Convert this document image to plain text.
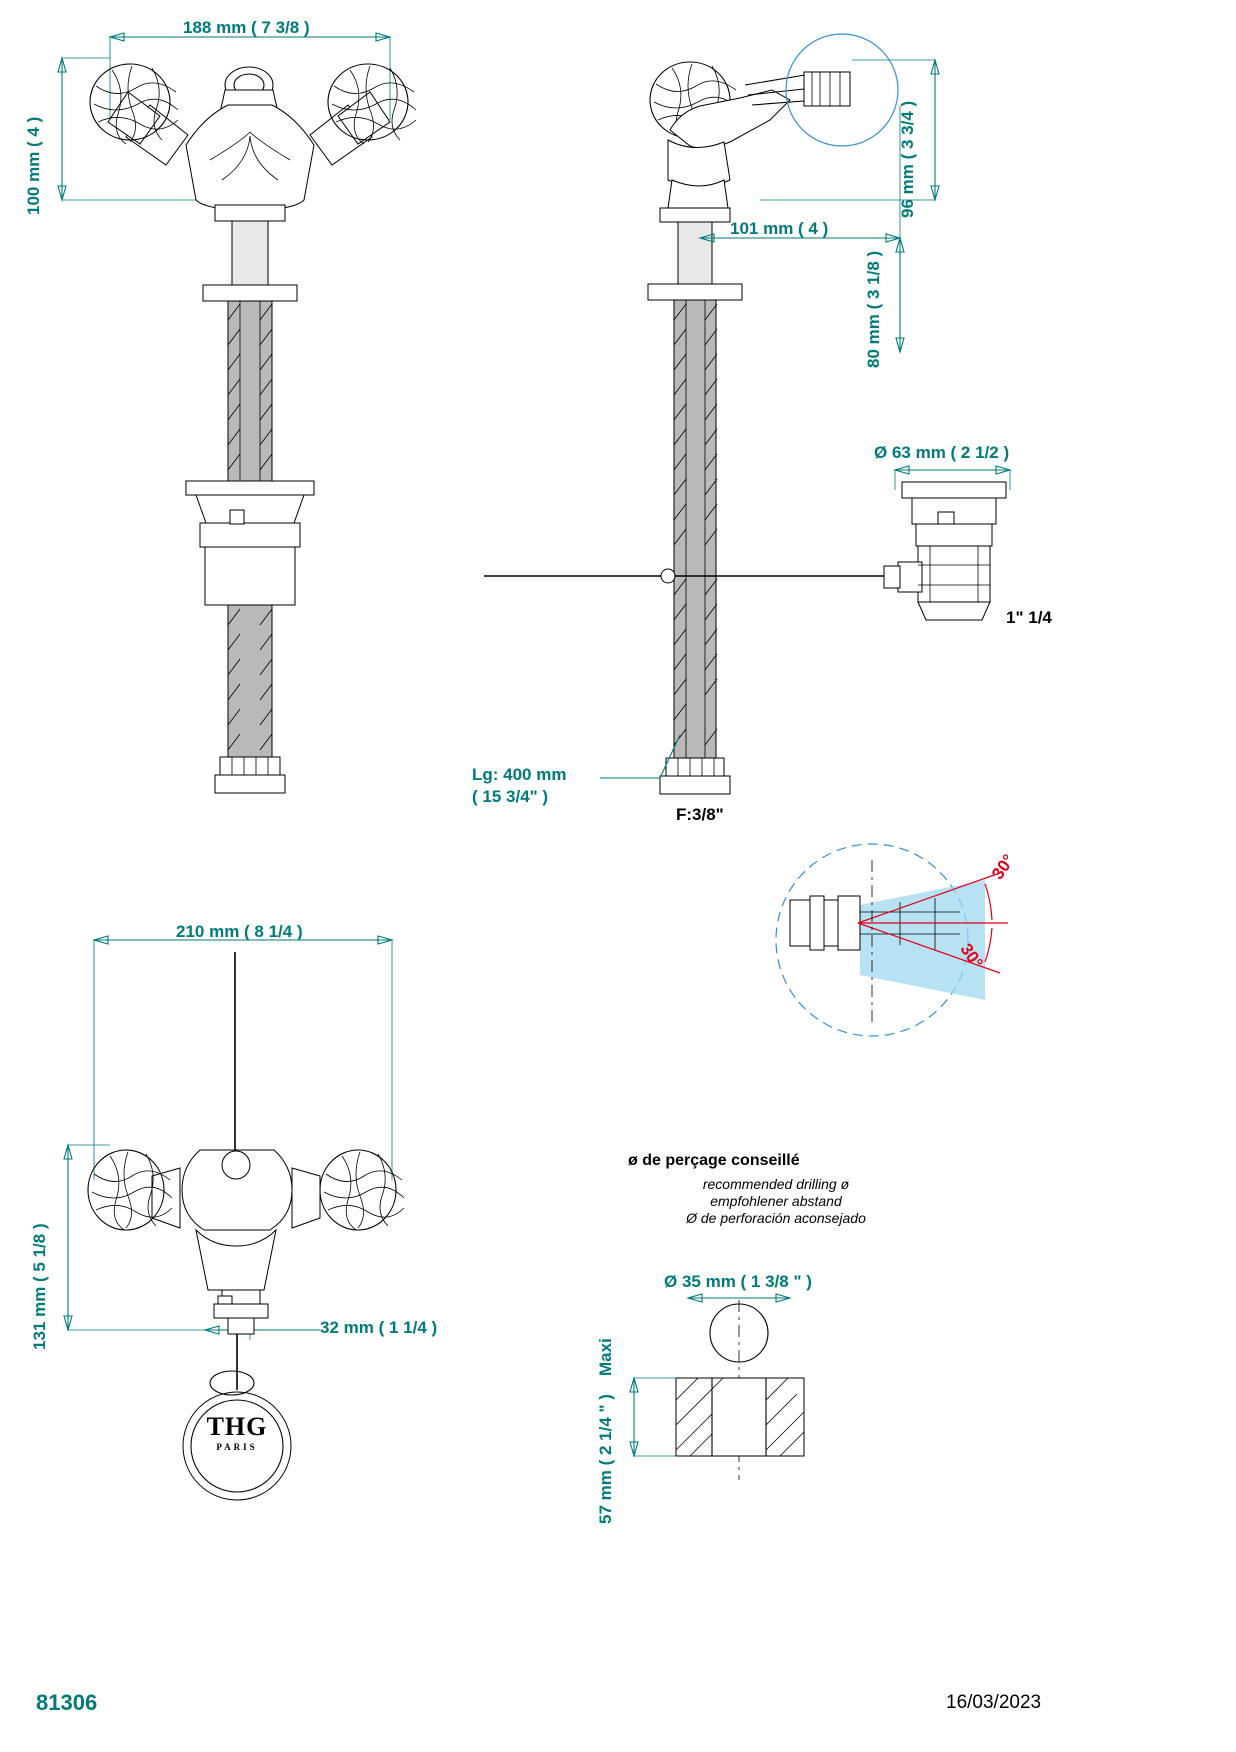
188 mm ( 7 3/8 )
100 mm ( 4 )	96 mm ( 3 3/4 )
101 mm ( 4 )
80 mm ( 3 1/8 )
Lg: 400 mm
( 15 3/4" )
F:3/8"
Ø 63 mm ( 2 1/2 )
1" 1/4
30°
30°
210 mm ( 8 1/4 )
131 mm ( 5 1/8 )	32 mm ( 1 1/4 )
THG
PARIS
ø de perçage conseillé
recommended drilling ø
empfohlener abstand
Ø de perforación aconsejado
Ø 35 mm ( 1 3/8 " )
57 mm ( 2 1/4 " )
Maxi
81306	16/03/2023
